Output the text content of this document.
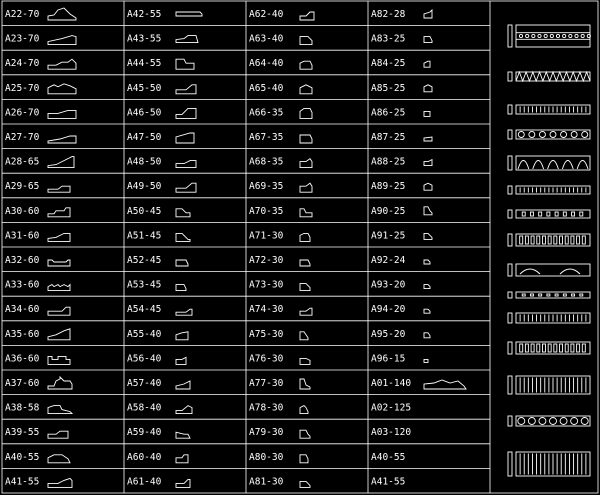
A22-70
A23-70
A24-70
A25-70
A26-70
A27-70
A28-65
A29-65
A30-60
A31-60
A32-60
A33-60
A34-60
A35-60
A36-60
A37-60
A38-58
A39-55
A40-55
A41-55
A42-55
A43-55
A44-55
A45-50
A46-50
A47-50
A48-50
A49-50
A50-45
A51-45
A52-45
A53-45
A54-45
A55-40
A56-40
A57-40
A58-40
A59-40
A60-40
A61-40
A62-40
A63-40
A64-40
A65-40
A66-35
A67-35
A68-35
A69-35
A70-35
A71-30
A72-30
A73-30
A74-30
A75-30
A76-30
A77-30
A78-30
A79-30
A80-30
A81-30
A82-28
A83-25
A84-25
A85-25
A86-25
A87-25
A88-25
A89-25
A90-25
A91-25
A92-24
A93-20
A94-20
A95-20
A96-15
A01-140
A02-125
A03-120
A40-55
A41-55
